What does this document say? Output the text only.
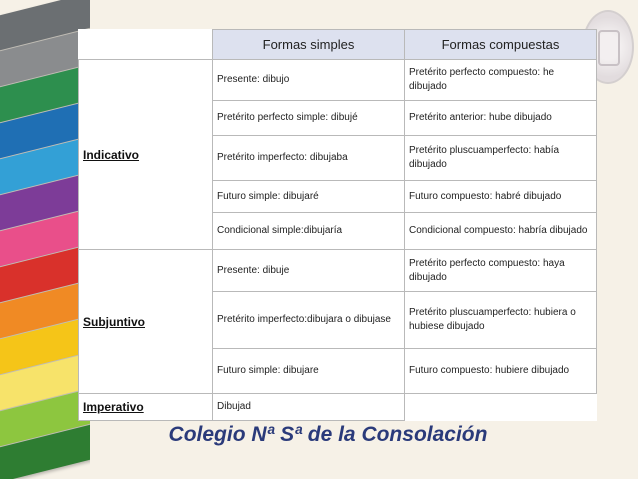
	Formas simples	Formas compuestas
Indicativo	Presente: dibujo	Pretérito perfecto compuesto: he dibujado
	Pretérito perfecto simple: dibujé	Pretérito anterior: hube dibujado
	Pretérito imperfecto: dibujaba	Pretérito pluscuamperfecto: había dibujado
	Futuro simple: dibujaré	Futuro compuesto: habré dibujado
	Condicional simple:dibujaría	Condicional compuesto: habría dibujado
Subjuntivo	Presente: dibuje	Pretérito perfecto compuesto: haya dibujado
	Pretérito imperfecto:dibujara o dibujase	Pretérito pluscuamperfecto: hubiera o hubiese dibujado
	Futuro simple: dibujare	Futuro compuesto: hubiere dibujado
Imperativo	Dibujad	
Colegio Nª Sª de la Consolación
